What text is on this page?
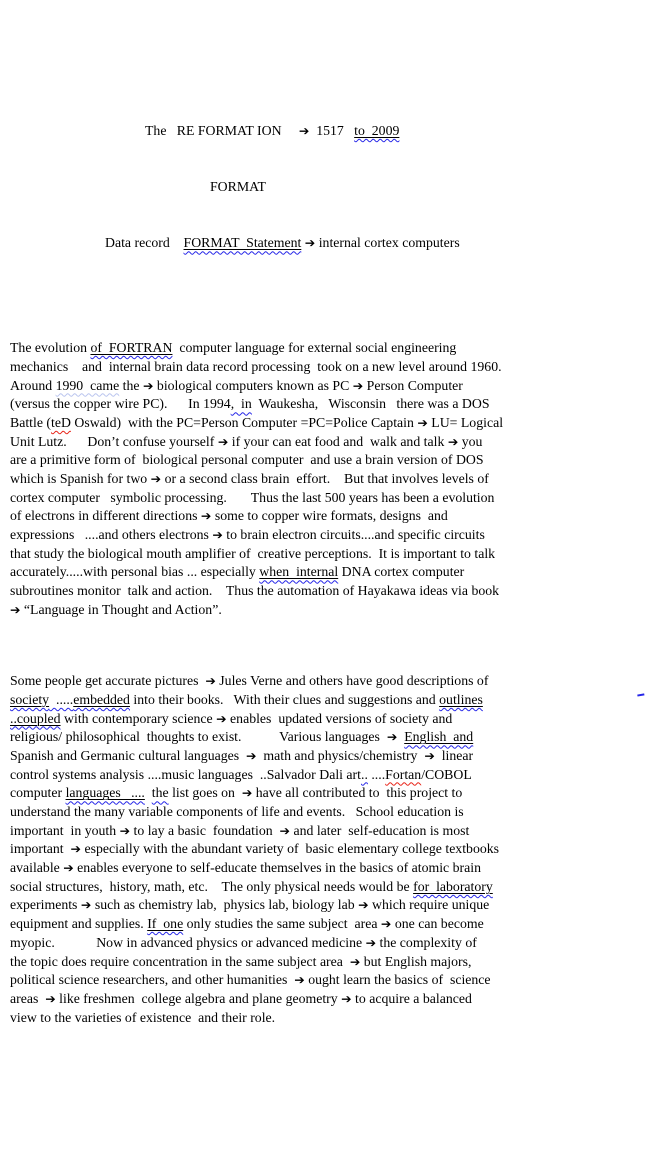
The   RE FORMAT ION     ➔  1517   to  2009

FORMAT

Data record    FORMAT  Statement ➔ internal cortex computers

The evolution of  FORTRAN  computer language for external social engineering
mechanics    and  internal brain data record processing  took on a new level around 1960.
Around 1990  came the ➔ biological computers known as PC ➔ Person Computer
(versus the copper wire PC).      In 1994,  in  Waukesha,   Wisconsin   there was a DOS
Battle (teD Oswald)  with the PC=Person Computer =PC=Police Captain ➔ LU= Logical
Unit Lutz.      Don’t confuse yourself ➔ if your can eat food and  walk and talk ➔ you
are a primitive form of  biological personal computer  and use a brain version of DOS
which is Spanish for two ➔ or a second class brain  effort.    But that involves levels of
cortex computer   symbolic processing.       Thus the last 500 years has been a evolution
of electrons in different directions ➔ some to copper wire formats, designs  and
expressions   ....and others electrons ➔ to brain electron circuits....and specific circuits
that study the biological mouth amplifier of  creative perceptions.  It is important to talk
accurately.....with personal bias ... especially when  internal DNA cortex computer
subroutines monitor  talk and action.    Thus the automation of Hayakawa ideas via book
➔ “Language in Thought and Action”.

Some people get accurate pictures  ➔ Jules Verne and others have good descriptions of
society  .....embedded into their books.   With their clues and suggestions and outlines
..coupled with contemporary science ➔ enables  updated versions of society and
religious/ philosophical  thoughts to exist.           Various languages  ➔ English  and
Spanish and Germanic cultural languages  ➔  math and physics/chemistry  ➔  linear
control systems analysis ....music languages  ..Salvador Dali art.. ....Fortan/COBOL
computer languages   .... the list goes on  ➔ have all contributed to  this project to
understand the many variable components of life and events.   School education is
important  in youth ➔ to lay a basic  foundation  ➔ and later  self-education is most
important  ➔ especially with the abundant variety of  basic elementary college textbooks
available ➔ enables everyone to self-educate themselves in the basics of atomic brain
social structures,  history, math, etc.    The only physical needs would be for  laboratory
experiments ➔ such as chemistry lab,  physics lab, biology lab ➔ which require unique
equipment and supplies. If  one only studies the same subject  area ➔ one can become
myopic.            Now in advanced physics or advanced medicine ➔ the complexity of
the topic does require concentration in the same subject area  ➔ but English majors,
political science researchers, and other humanities  ➔ ought learn the basics of  science
areas  ➔ like freshmen  college algebra and plane geometry ➔ to acquire a balanced
view to the varieties of existence  and their role.
